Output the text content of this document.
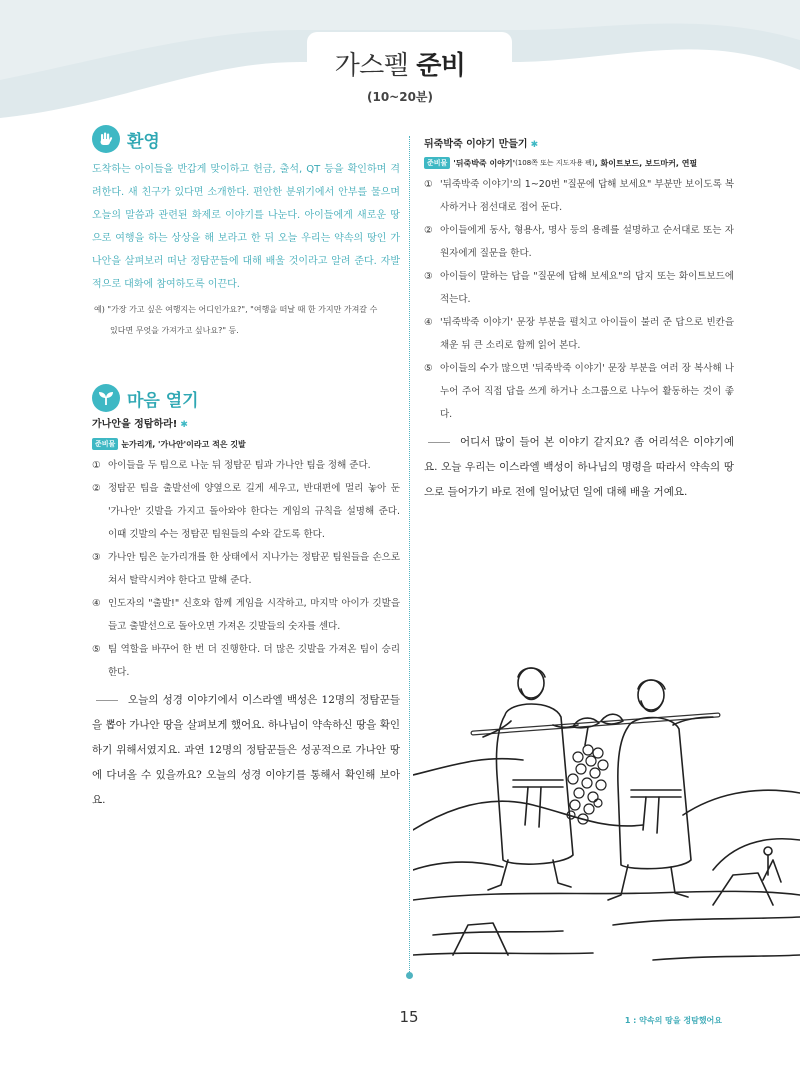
가스펠 준비
(10~20분)
환영

도착하는 아이들을 반갑게 맞이하고 헌금, 출석, QT 등을 확인하며 격려한다. 새 친구가 있다면 소개한다. 편안한 분위기에서 안부를 물으며 오늘의 말씀과 관련된 화제로 이야기를 나눈다. 아이들에게 새로운 땅으로 여행을 하는 상상을 해 보라고 한 뒤 오늘 우리는 약속의 땅인 가나안을 살펴보러 떠난 정탐꾼들에 대해 배울 것이라고 알려 준다. 자발적으로 대화에 참여하도록 이끈다.

예) "가장 가고 싶은 여행지는 어디인가요?", "여행을 떠날 때 한 가지만 가져갈 수
있다면 무엇을 가져가고 싶나요?" 등.
마음 열기
가나안을 정탐하라! ✱
준비물 눈가리개, '가나안'이라고 적은 깃발
① 아이들을 두 팀으로 나눈 뒤 정탐꾼 팀과 가나안 팀을 정해 준다.
② 정탐꾼 팀을 출발선에 양옆으로 길게 세우고, 반대편에 멀리 놓아 둔 '가나안' 깃발을 가지고 돌아와야 한다는 게임의 규칙을 설명해 준다. 이때 깃발의 수는 정탐꾼 팀원들의 수와 같도록 한다.
③ 가나안 팀은 눈가리개를 한 상태에서 지나가는 정탐꾼 팀원들을 손으로 쳐서 탈락시켜야 한다고 말해 준다.
④ 인도자의 "출발!" 신호와 함께 게임을 시작하고, 마지막 아이가 깃발을 들고 출발선으로 돌아오면 가져온 깃발들의 숫자를 센다.
⑤ 팀 역할을 바꾸어 한 번 더 진행한다. 더 많은 깃발을 가져온 팀이 승리한다.

오늘의 성경 이야기에서 이스라엘 백성은 12명의 정탐꾼들을 뽑아 가나안 땅을 살펴보게 했어요. 하나님이 약속하신 땅을 확인하기 위해서였지요. 과연 12명의 정탐꾼들은 성공적으로 가나안 땅에 다녀올 수 있을까요? 오늘의 성경 이야기를 통해서 확인해 보아요.

뒤죽박죽 이야기 만들기 ✱
준비물 '뒤죽박죽 이야기' (108쪽 또는 지도자용 팩) , 화이트보드, 보드마커, 연필
① '뒤죽박죽 이야기'의 1~20번 "질문에 답해 보세요" 부분만 보이도록 복사하거나 점선대로 접어 둔다.
② 아이들에게 동사, 형용사, 명사 등의 용례를 설명하고 순서대로 또는 자원자에게 질문을 한다.
③ 아이들이 말하는 답을 "질문에 답해 보세요"의 답지 또는 화이트보드에 적는다.
④ '뒤죽박죽 이야기' 문장 부분을 펼치고 아이들이 불러 준 답으로 빈칸을 채운 뒤 큰 소리로 함께 읽어 본다.
⑤ 아이들의 수가 많으면 '뒤죽박죽 이야기' 문장 부분을 여러 장 복사해 나누어 주어 직접 답을 쓰게 하거나 소그룹으로 나누어 활동하는 것이 좋다.

어디서 많이 들어 본 이야기 같지요? 좀 어리석은 이야기예요. 오늘 우리는 이스라엘 백성이 하나님의 명령을 따라서 약속의 땅으로 들어가기 바로 전에 일어났던 일에 대해 배울 거예요.

15	1 : 약속의 땅을 정탐했어요
